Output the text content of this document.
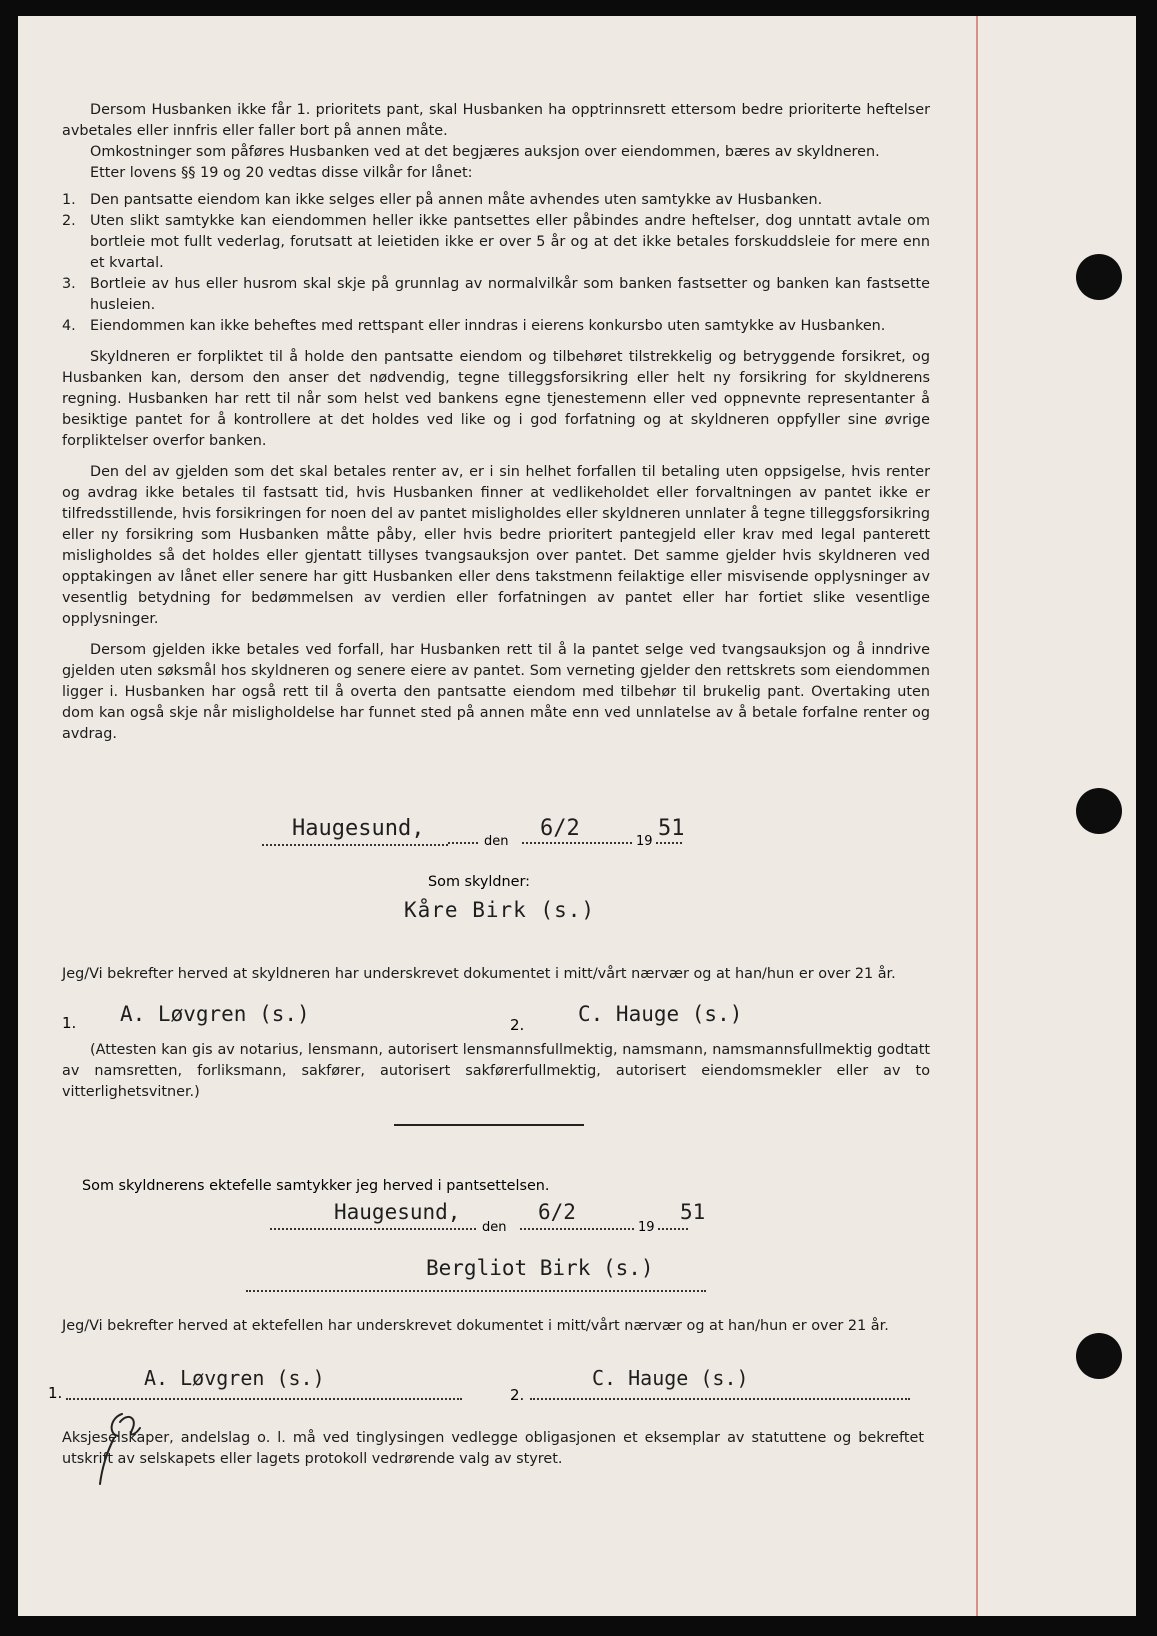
Dersom Husbanken ikke får 1. prioritets pant, skal Husbanken ha opptrinnsrett ettersom bedre prioriterte heftelser avbetales eller innfris eller faller bort på annen måte.

Omkostninger som påføres Husbanken ved at det begjæres auksjon over eiendommen, bæres av skyldneren.

Etter lovens §§ 19 og 20 vedtas disse vilkår for lånet:

1. Den pantsatte eiendom kan ikke selges eller på annen måte avhendes uten samtykke av Husbanken.
2. Uten slikt samtykke kan eiendommen heller ikke pantsettes eller påbindes andre heftelser, dog unntatt avtale om bortleie mot fullt vederlag, forutsatt at leietiden ikke er over 5 år og at det ikke betales forskuddsleie for mere enn et kvartal.
3. Bortleie av hus eller husrom skal skje på grunnlag av normalvilkår som banken fastsetter og banken kan fastsette husleien.
4. Eiendommen kan ikke beheftes med rettspant eller inndras i eierens konkursbo uten samtykke av Husbanken.

Skyldneren er forpliktet til å holde den pantsatte eiendom og tilbehøret tilstrekkelig og betryggende forsikret, og Husbanken kan, dersom den anser det nødvendig, tegne tilleggsforsikring eller helt ny forsikring for skyldnerens regning. Husbanken har rett til når som helst ved bankens egne tjenestemenn eller ved oppnevnte representanter å besiktige pantet for å kontrollere at det holdes ved like og i god forfatning og at skyldneren oppfyller sine øvrige forpliktelser overfor banken.

Den del av gjelden som det skal betales renter av, er i sin helhet forfallen til betaling uten oppsigelse, hvis renter og avdrag ikke betales til fastsatt tid, hvis Husbanken finner at vedlikeholdet eller forvaltningen av pantet ikke er tilfredsstillende, hvis forsikringen for noen del av pantet misligholdes eller skyldneren unnlater å tegne tilleggsforsikring eller ny forsikring som Husbanken måtte påby, eller hvis bedre prioritert pantegjeld eller krav med legal panterett misligholdes så det holdes eller gjentatt tillyses tvangsauksjon over pantet. Det samme gjelder hvis skyldneren ved opptakingen av lånet eller senere har gitt Husbanken eller dens takstmenn feilaktige eller misvisende opplysninger av vesentlig betydning for bedømmelsen av verdien eller forfatningen av pantet eller har fortiet slike vesentlige opplysninger.

Dersom gjelden ikke betales ved forfall, har Husbanken rett til å la pantet selge ved tvangsauksjon og å inndrive gjelden uten søksmål hos skyldneren og senere eiere av pantet. Som verneting gjelder den rettskrets som eiendommen ligger i. Husbanken har også rett til å overta den pantsatte eiendom med tilbehør til brukelig pant. Overtaking uten dom kan også skje når misligholdelse har funnet sted på annen måte enn ved unnlatelse av å betale forfalne renter og avdrag.

Haugesund,
den
6/2
19
51
Som skyldner:
Kåre Birk (s.)
Jeg/Vi bekrefter herved at skyldneren har underskrevet dokumentet i mitt/vårt nærvær og at han/hun er over 21 år.
1. A. Løvgren (s.)	2.	C. Hauge (s.)
(Attesten kan gis av notarius, lensmann, autorisert lensmannsfullmektig, namsmann, namsmannsfullmektig godtatt av namsretten, forliksmann, sakfører, autorisert sakførerfullmektig, autorisert eiendomsmekler eller av to vitterlighetsvitner.)
Som skyldnerens ektefelle samtykker jeg herved i pantsettelsen.
Haugesund,
den
6/2
19
51
Bergliot Birk (s.)
Jeg/Vi bekrefter herved at ektefellen har underskrevet dokumentet i mitt/vårt nærvær og at han/hun er over 21 år.
1.
A. Løvgren (s.)
2.
C. Hauge (s.)
Aksjeselskaper, andelslag o. l. må ved tinglysingen vedlegge obligasjonen et eksemplar av statuttene og bekreftet utskrift av selskapets eller lagets protokoll vedrørende valg av styret.
